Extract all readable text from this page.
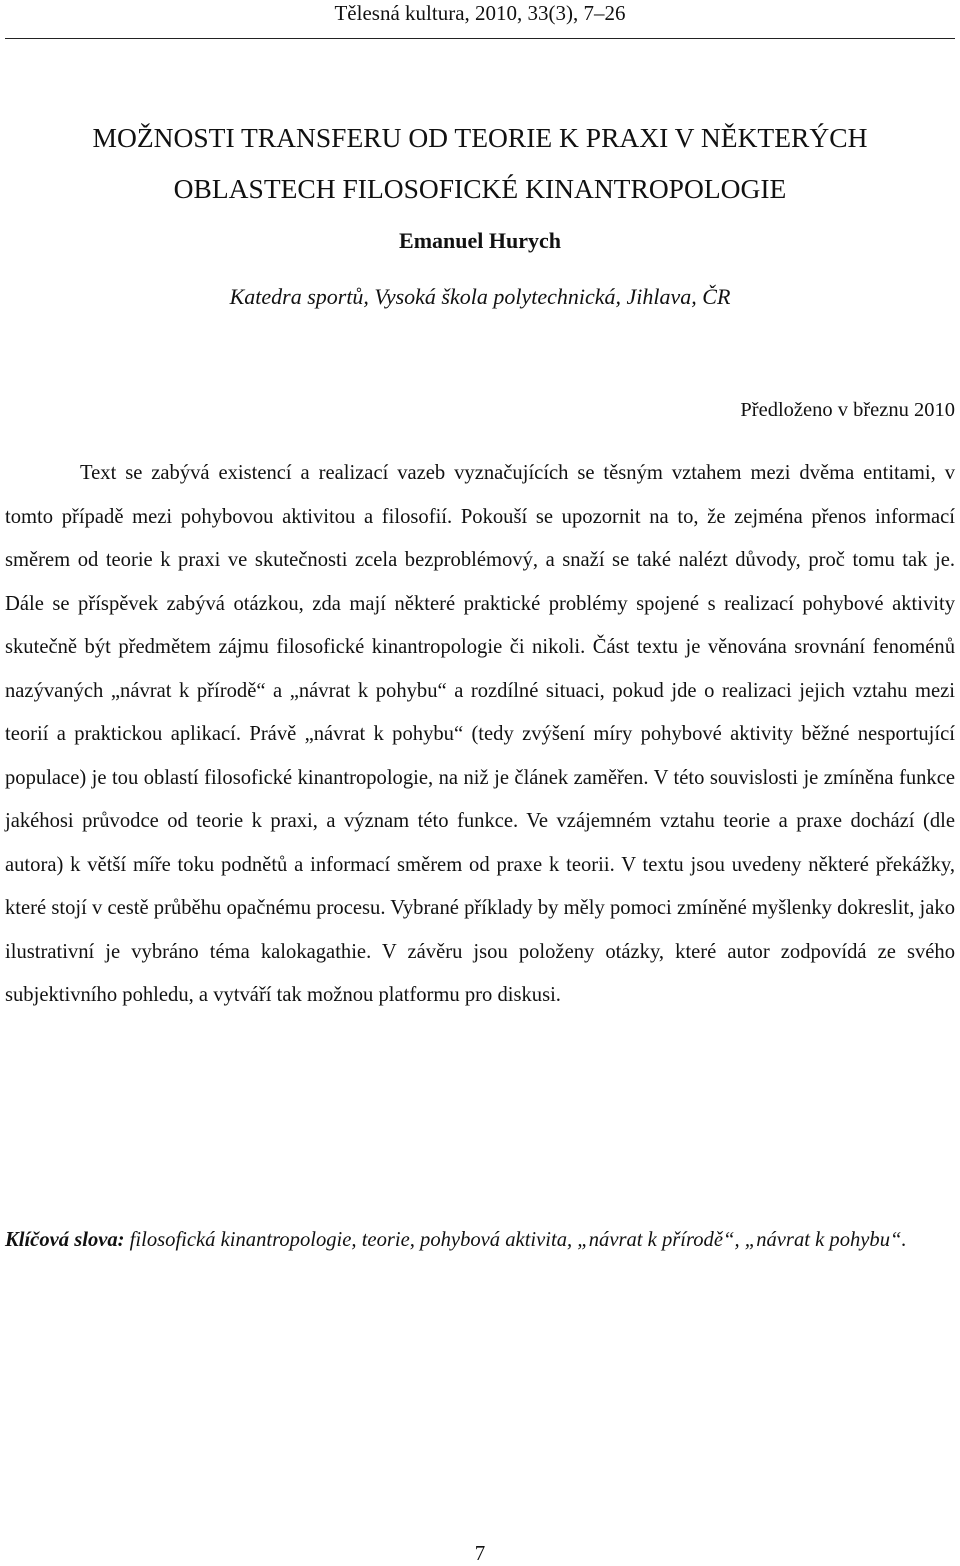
Tělesná kultura, 2010, 33(3), 7–26
MOŽNOSTI TRANSFERU OD TEORIE K PRAXI V NĚKTERÝCH
OBLASTECH FILOSOFICKÉ KINANTROPOLOGIE
Emanuel Hurych
Katedra sportů, Vysoká škola polytechnická, Jihlava, ČR
Předloženo v březnu 2010

Text se zabývá existencí a realizací vazeb vyznačujících se těsným vztahem mezi dvěma entitami, v tomto případě mezi pohybovou aktivitou a filosofií. Pokouší se upozornit na to, že zejména přenos informací směrem od teorie k praxi ve skutečnosti zcela bezproblémový, a snaží se také nalézt důvody, proč tomu tak je. Dále se příspěvek zabývá otázkou, zda mají některé praktické problémy spojené s realizací pohybové aktivity skutečně být předmětem zájmu filosofické kinantropologie či nikoli. Část textu je věnována srovnání fenoménů nazývaných „návrat k přírodě“ a „návrat k pohybu“ a rozdílné situaci, pokud jde o realizaci jejich vztahu mezi teorií a praktickou aplikací. Právě „návrat k pohybu“ (tedy zvýšení míry pohybové aktivity běžné nesportující populace) je tou oblastí filosofické kinantropologie, na niž je článek zaměřen. V této souvislosti je zmíněna funkce jakéhosi průvodce od teorie k praxi, a význam této funkce. Ve vzájemném vztahu teorie a praxe dochází (dle autora) k větší míře toku podnětů a informací směrem od praxe k teorii. V textu jsou uvedeny některé překážky, které stojí v cestě průběhu opačnému procesu. Vybrané příklady by měly pomoci zmíněné myšlenky dokreslit, jako ilustrativní je vybráno téma kalokagathie. V závěru jsou položeny otázky, které autor zodpovídá ze svého subjektivního pohledu, a vytváří tak možnou platformu pro diskusi.

Klíčová slova: filosofická kinantropologie, teorie, pohybová aktivita, „návrat k přírodě“, „návrat k pohybu“.

7
